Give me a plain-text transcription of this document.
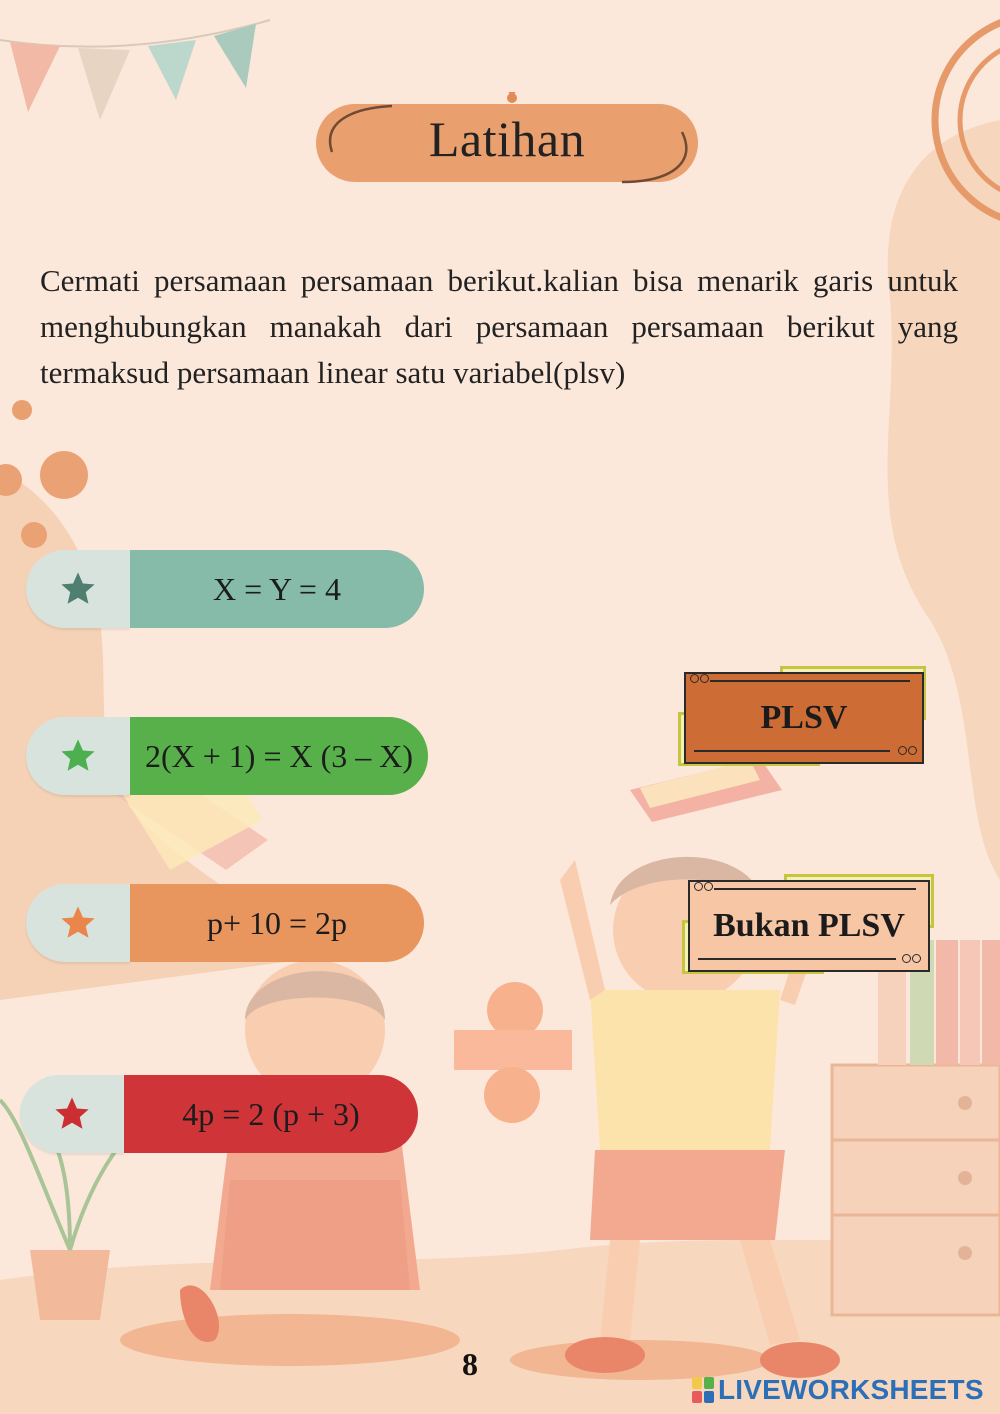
Latihan

Cermati persamaan persamaan berikut.kalian bisa menarik garis untuk menghubungkan manakah dari persamaan persamaan berikut yang termaksud persamaan linear satu variabel(plsv)

X = Y = 4
2(X + 1) = X (3 – X)
p+ 10 = 2p
4p = 2 (p + 3)
PLSV
Bukan PLSV
8
LIVEWORKSHEETS
